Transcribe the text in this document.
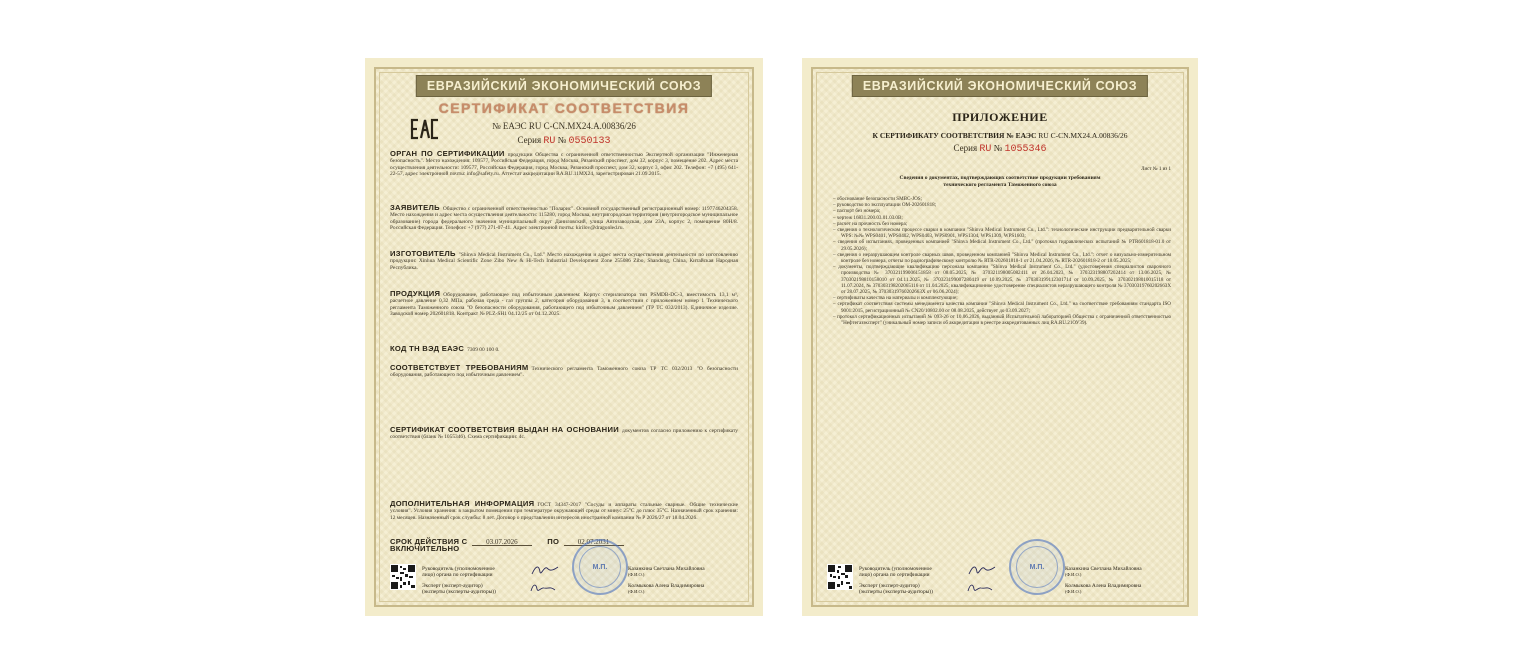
ЕВРАЗИЙСКИЙ ЭКОНОМИЧЕСКИЙ СОЮЗ
СЕРТИФИКАТ СООТВЕТСТВИЯ
№ ЕАЭС RU С-CN.МХ24.А.00836/26
Серия RU № 0550133
ОРГАН ПО СЕРТИФИКАЦИИ продукции Общества с ограниченной ответственностью Экспертной организации "Инженерная безопасность". Место нахождения: 109577, Российская Федерация, город Москва, Рязанский проспект, дом 32, корпус 3, помещение 202. Адрес места осуществления деятельности: 109577, Российская Федерация, город Москва, Рязанский проспект, дом 32, корпус 3, офис 202. Телефон: +7 (495) 641-22-57, адрес электронной почты: info@safety.ru. Аттестат аккредитации RA.RU.11МХ24, зарегистрирован 21.09.2015.
ЗАЯВИТЕЛЬ Общество с ограниченной ответственностью "Поларис". Основной государственный регистрационный номер: 1197746204358. Место нахождения и адрес места осуществления деятельности: 115280, город Москва, внутригородская территория (внутригородское муниципальное образование) города федерального значения муниципальный округ Даниловский, улица Автозаводская, дом 23А, корпус 2, помещение 80Н/8. Российская Федерация. Телефон: +7 (977) 271-07-41. Адрес электронной почты: kirilov@dragonled.ru.
ИЗГОТОВИТЕЛЬ "Shinva Medical Instrument Co., Ltd." Место нахождения и адрес места осуществления деятельности по изготовлению продукции: Xinhua Medical Scientific Zone Zibo New & Hi-Tech Industrial Development Zone 255086 Zibo, Shandong, China, Китайская Народная Республика.
ПРОДУКЦИЯ Оборудование, работающее под избыточным давлением: Корпус стерилизатора тип PSMDB-DC-3, вместимость 13,1 м³, расчетное давление 0,32 МПа, рабочая среда - газ группы 2, категория оборудования 3, в соответствии с приложением номер 1 Технического регламента Таможенного союза "О безопасности оборудования, работающего под избыточным давлением" (ТР ТС 032/2013). Единичное изделие. Заводской номер 202601818. Контракт № PLZ-SH1 04.12/25 от 04.12.2025.
КОД ТН ВЭД ЕАЭС 7309 00 100 0.
СООТВЕТСТВУЕТ ТРЕБОВАНИЯМ Технического регламента Таможенного союза ТР ТС 032/2013 "О безопасности оборудования, работающего под избыточным давлением".
СЕРТИФИКАТ СООТВЕТСТВИЯ ВЫДАН НА ОСНОВАНИИ документов согласно приложению к сертификату соответствия (бланк № 1055346). Схема сертификации: 4с.
ДОПОЛНИТЕЛЬНАЯ ИНФОРМАЦИЯ ГОСТ 34347-2017 "Сосуды и аппараты стальные сварные. Общие технические условия". Условия хранения: в закрытом помещении при температуре окружающей среды от минус 25°С до плюс 35°С. Назначенный срок хранения: 12 месяцев. Назначенный срок службы: 8 лет. Договор о представлении интересов иностранной компании № Р 2026/27 от 18.04.2026.
СРОК ДЕЙСТВИЯ С	03.07.2026	ПО	02.07.2031
ВКЛЮЧИТЕЛЬНО
Руководитель (уполномоченное лицо) органа по сертификации
Эксперт (эксперт-аудитор) (эксперты (эксперты-аудиторы))
М.П.	Казанкина Светлана Михайловна
(Ф.И.О.)
Колмыкова Алена Владимировна
(Ф.И.О.)
ЕВРАЗИЙСКИЙ ЭКОНОМИЧЕСКИЙ СОЮЗ
ПРИЛОЖЕНИЕ
К СЕРТИФИКАТУ СООТВЕТСТВИЯ № ЕАЭС RU С-CN.МХ24.А.00836/26
Серия RU № 1055346
Лист № 1 из 1
Сведения о документах, подтверждающих соответствие продукции требованиям технического регламента Таможенного союза
– обоснование безопасности SMBC-JOS;
– руководство по эксплуатации ОМ-202601818;
– паспорт без номера;
– чертеж 16831.200.03.01.03.0В;
– расчет на прочность без номера;
– сведения о технологическом процессе сварки в компании "Shinva Medical Instrument Co., Ltd.": технологические инструкции предварительной сварки WPS: №№ WPS0401, WPS0402, WPS0403, WPS0901, WPS1304, WPS1309, WPS1603;
– сведения об испытаниях, проведенных компанией "Shinva Medical Instrument Co., Ltd." (протокол гидравлических испытаний № PTR601818-01.0 от 29.05.2026);
– сведения о неразрушающем контроле сварных швов, проведенном компанией "Shinva Medical Instrument Co., Ltd.": отчет о визуально-измерительном контроле без номера, отчеты по радиографическому контролю № RTR-202601818-1 от 21.04.2026, № RTR-202601818-2 от 18.05.2025;
– документы, подтверждающие квалификацию персонала компании "Shinva Medical Instrument Co., Ltd." (удостоверения специалистов сварочного производства № 370321199006151858 от 08.05.2025, № 370321198005082411 от 26.04.2023, № 370323198807202414 от 13.06.2025, № 370302198810158010 от 04.11.2025, № 370323199007280419 от 10.09.2025, № 370303199112301714 от 10.09.2025, № 370302198010015118 от 11.07.2024, № 370303198202065116 от 11.04.2025; квалификационное удостоверение специалистов неразрушающего контроля № 37030319760202663X от 28.07.2025, № 37030319760202663X от 06.06.2024);
– сертификаты качества на материалы и комплектующие;
– сертификат соответствия системы менеджмента качества компании "Shinva Medical Instrument Co., Ltd." на соответствие требованиям стандарта ISO 9001:2015, регистрационный № CN20/10802.00 от 08.08.2025, действует до 03.09.2027;
– протокол сертификационных испытаний № 093-26 от 10.06.2026, выданный Испытательной лабораторией Общества с ограниченной ответственностью "Нефтегазэксперт" (уникальный номер записи об аккредитации в реестре аккредитованных лиц RA.RU.21ОУ39).
Руководитель (уполномоченное лицо) органа по сертификации
Эксперт (эксперт-аудитор) (эксперты (эксперты-аудиторы))
М.П.	Казанкина Светлана Михайловна
(Ф.И.О.)
Колмыкова Алена Владимировна
(Ф.И.О.)
